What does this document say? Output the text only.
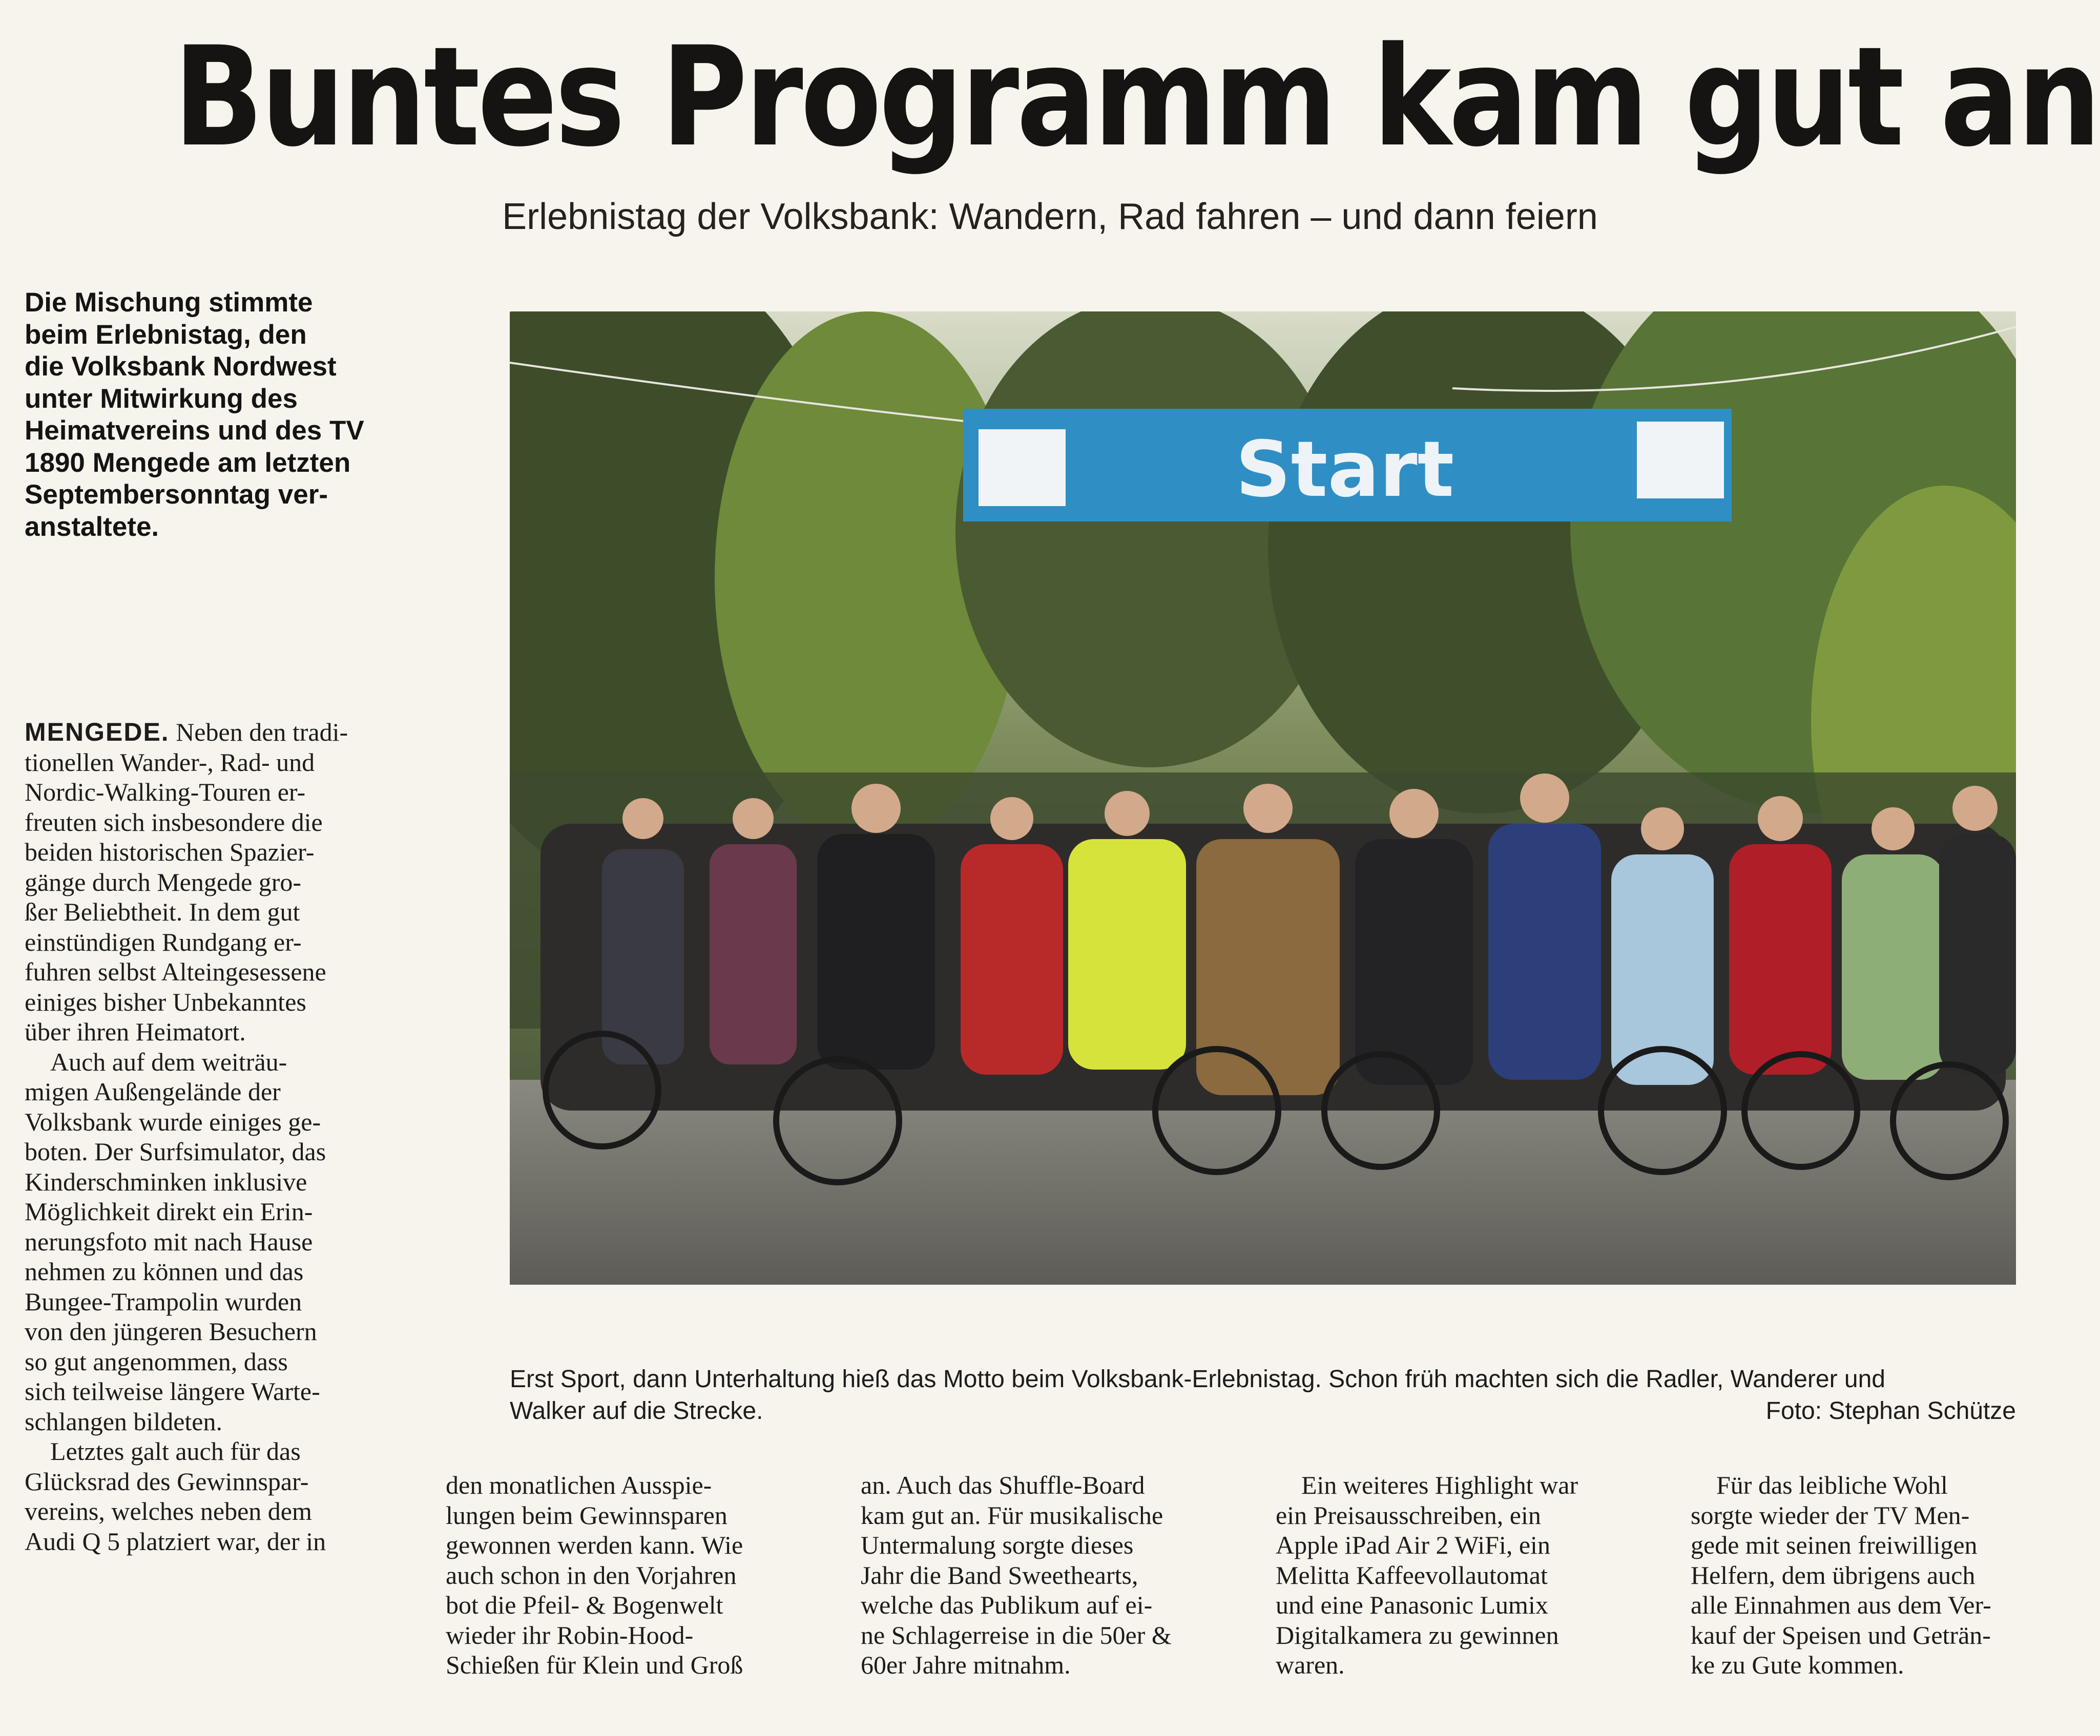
Buntes Programm kam gut an
Erlebnistag der Volksbank: Wandern, Rad fahren – und dann feiern
Die Mischung stimmte
beim Erlebnistag, den
die Volksbank Nordwest
unter Mitwirkung des
Heimatvereins und des TV
1890 Mengede am letzten
Septembersonntag ver-
anstaltete.
MENGEDE. Neben den tradi-
tionellen Wander-, Rad- und
Nordic-Walking-Touren er-
freuten sich insbesondere die
beiden historischen Spazier-
gänge durch Mengede gro-
ßer Beliebtheit. In dem gut
einstündigen Rundgang er-
fuhren selbst Alteingesessene
einiges bisher Unbekanntes
über ihren Heimatort.
Auch auf dem weiträu-
migen Außengelände der
Volksbank wurde einiges ge-
boten. Der Surfsimulator, das
Kinderschminken inklusive
Möglichkeit direkt ein Erin-
nerungsfoto mit nach Hause
nehmen zu können und das
Bungee-Trampolin wurden
von den jüngeren Besuchern
so gut angenommen, dass
sich teilweise längere Warte-
schlangen bildeten.
Letztes galt auch für das
Glücksrad des Gewinnspar-
vereins, welches neben dem
Audi Q 5 platziert war, der in
Start
Erst Sport, dann Unterhaltung hieß das Motto beim Volksbank-Erlebnistag. Schon früh machten sich die Radler, Wanderer und
Walker auf die Strecke.	Foto: Stephan Schütze
den monatlichen Ausspie-
lungen beim Gewinnsparen
gewonnen werden kann. Wie
auch schon in den Vorjahren
bot die Pfeil- & Bogenwelt
wieder ihr Robin-Hood-
Schießen für Klein und Groß
an. Auch das Shuffle-Board
kam gut an. Für musikalische
Untermalung sorgte dieses
Jahr die Band Sweethearts,
welche das Publikum auf ei-
ne Schlagerreise in die 50er &
60er Jahre mitnahm.
Ein weiteres Highlight war
ein Preisausschreiben, ein
Apple iPad Air 2 WiFi, ein
Melitta Kaffeevollautomat
und eine Panasonic Lumix
Digitalkamera zu gewinnen
waren.
Für das leibliche Wohl
sorgte wieder der TV Men-
gede mit seinen freiwilligen
Helfern, dem übrigens auch
alle Einnahmen aus dem Ver-
kauf der Speisen und Geträn-
ke zu Gute kommen.
